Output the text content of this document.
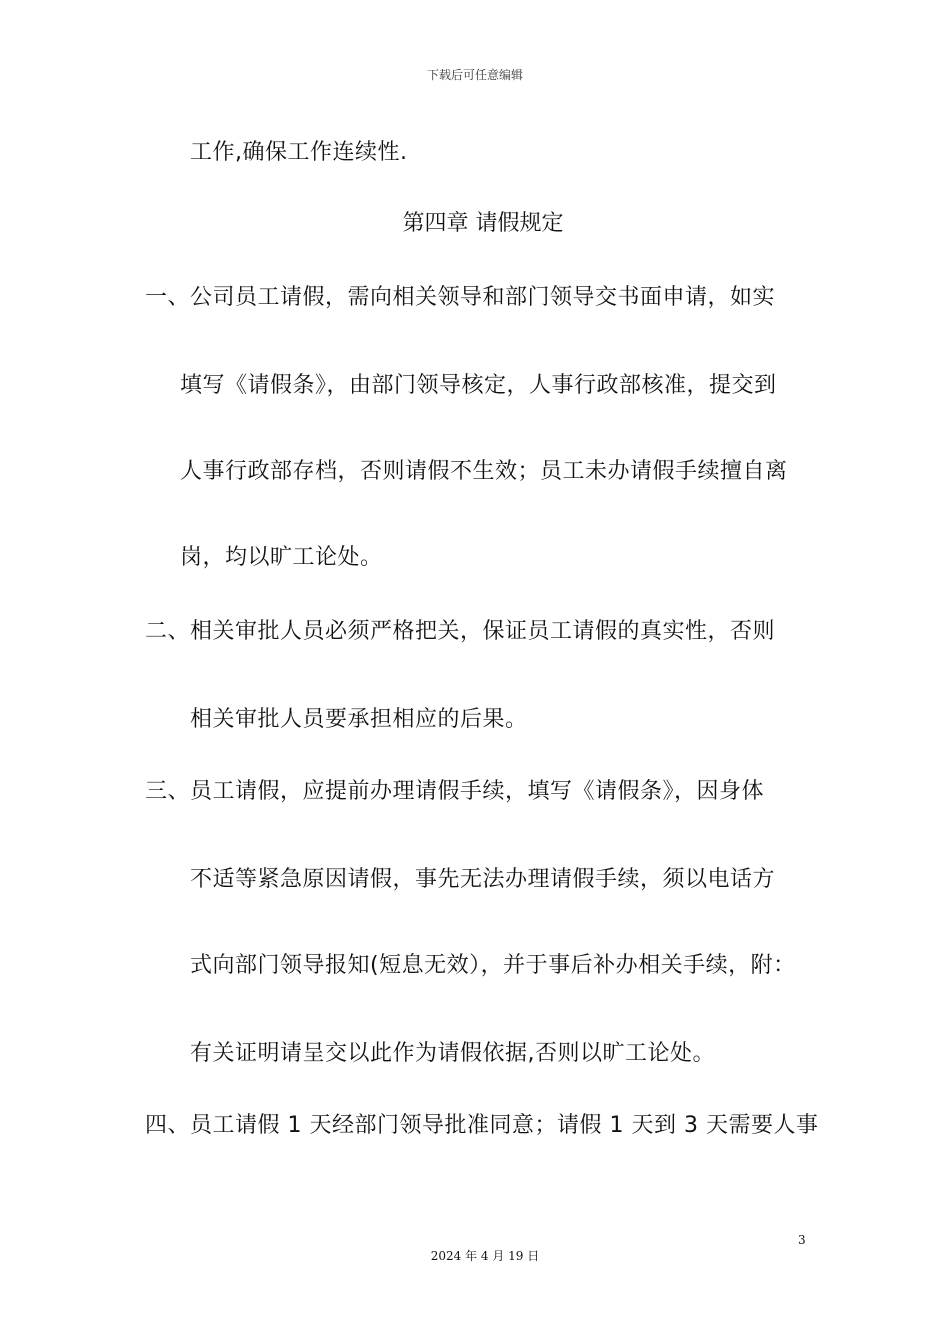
下载后可任意编辑
工作,确保工作连续性.
第四章 请假规定
一、公司员工请假，需向相关领导和部门领导交书面申请，如实
填写《请假条》，由部门领导核定，人事行政部核准，提交到
人事行政部存档，否则请假不生效；员工未办请假手续擅自离
岗，均以旷工论处。
二、相关审批人员必须严格把关，保证员工请假的真实性，否则
相关审批人员要承担相应的后果。
三、员工请假，应提前办理请假手续，填写《请假条》，因身体
不适等紧急原因请假，事先无法办理请假手续，须以电话方
式向部门领导报知(短息无效），并于事后补办相关手续，附：
有关证明请呈交以此作为请假依据,否则以旷工论处。
四、员工请假 1 天经部门领导批准同意；请假 1 天到 3 天需要人事
3
2024 年 4 月 19 日
